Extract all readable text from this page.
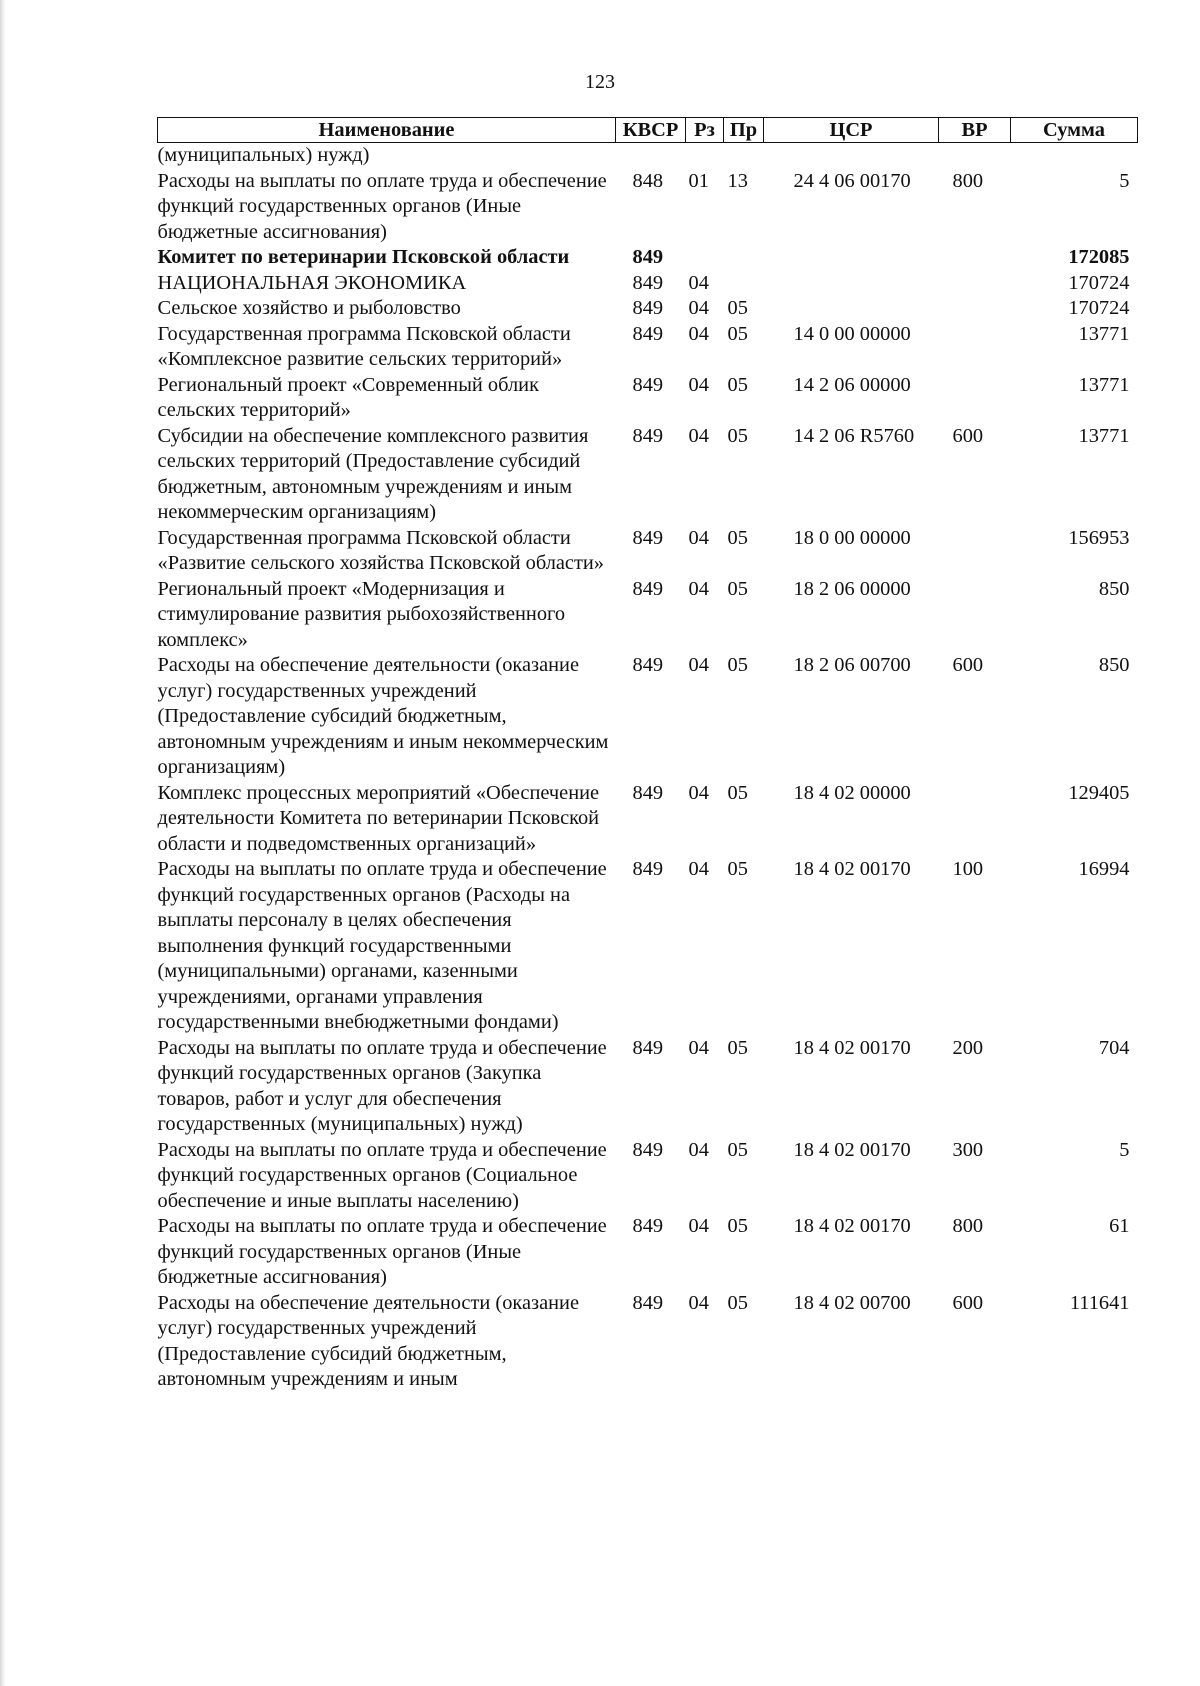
123
Наименование	КВСР	Рз	Пр	ЦСР	ВР	Сумма
(муниципальных) нужд)						
Расходы на выплаты по оплате труда и обеспечение функций государственных органов (Иные бюджетные ассигнования)	848	01	13	24 4 06 00170	800	5
Комитет по ветеринарии Псковской области	849					172085
НАЦИОНАЛЬНАЯ ЭКОНОМИКА	849	04				170724
Сельское хозяйство и рыболовство	849	04	05			170724
Государственная программа Псковской области «Комплексное развитие сельских территорий»	849	04	05	14 0 00 00000		13771
Региональный проект «Современный облик сельских территорий»	849	04	05	14 2 06 00000		13771
Субсидии на обеспечение комплексного развития сельских территорий (Предоставление субсидий бюджетным, автономным учреждениям и иным некоммерческим организациям)	849	04	05	14 2 06 R5760	600	13771
Государственная программа Псковской области «Развитие сельского хозяйства Псковской области»	849	04	05	18 0 00 00000		156953
Региональный проект «Модернизация и стимулирование развития рыбохозяйственного комплекс»	849	04	05	18 2 06 00000		850
Расходы на обеспечение деятельности (оказание услуг) государственных учреждений (Предоставление субсидий бюджетным, автономным учреждениям и иным некоммерческим организациям)	849	04	05	18 2 06 00700	600	850
Комплекс процессных мероприятий «Обеспечение деятельности Комитета по ветеринарии Псковской области и подведомственных организаций»	849	04	05	18 4 02 00000		129405
Расходы на выплаты по оплате труда и обеспечение функций государственных органов (Расходы на выплаты персоналу в целях обеспечения выполнения функций государственными (муниципальными) органами, казенными учреждениями, органами управления государственными внебюджетными фондами)	849	04	05	18 4 02 00170	100	16994
Расходы на выплаты по оплате труда и обеспечение функций государственных органов (Закупка товаров, работ и услуг для обеспечения государственных (муниципальных) нужд)	849	04	05	18 4 02 00170	200	704
Расходы на выплаты по оплате труда и обеспечение функций государственных органов (Социальное обеспечение и иные выплаты населению)	849	04	05	18 4 02 00170	300	5
Расходы на выплаты по оплате труда и обеспечение функций государственных органов (Иные бюджетные ассигнования)	849	04	05	18 4 02 00170	800	61
Расходы на обеспечение деятельности (оказание услуг) государственных учреждений (Предоставление субсидий бюджетным, автономным учреждениям и иным	849	04	05	18 4 02 00700	600	111641
